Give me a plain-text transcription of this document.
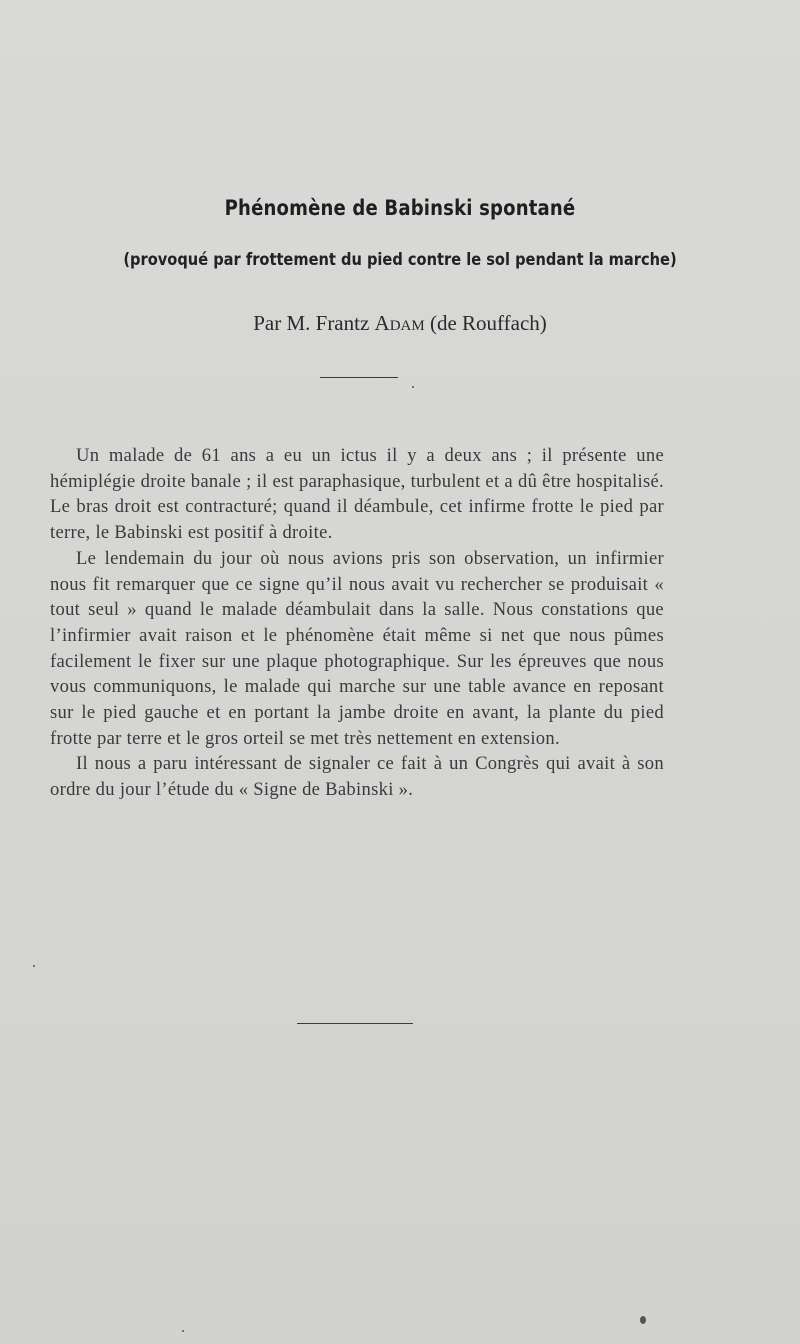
Phénomène de Babinski spontané
(provoqué par frottement du pied contre le sol pendant la marche)
Par M. Frantz Adam (de Rouffach)

Un malade de 61 ans a eu un ictus il y a deux ans ; il présente une hémiplégie droite banale ; il est paraphasique, turbulent et a dû être hospitalisé. Le bras droit est contracturé; quand il déambule, cet infirme frotte le pied par terre, le Babinski est positif à droite.

Le lendemain du jour où nous avions pris son observation, un infirmier nous fit remarquer que ce signe qu’il nous avait vu rechercher se produisait « tout seul » quand le malade déambulait dans la salle. Nous constations que l’infirmier avait raison et le phénomène était même si net que nous pûmes facilement le fixer sur une plaque photographique. Sur les épreuves que nous vous communiquons, le malade qui marche sur une table avance en reposant sur le pied gauche et en portant la jambe droite en avant, la plante du pied frotte par terre et le gros orteil se met très nettement en extension.

Il nous a paru intéressant de signaler ce fait à un Congrès qui avait à son ordre du jour l’étude du « Signe de Babinski ».
